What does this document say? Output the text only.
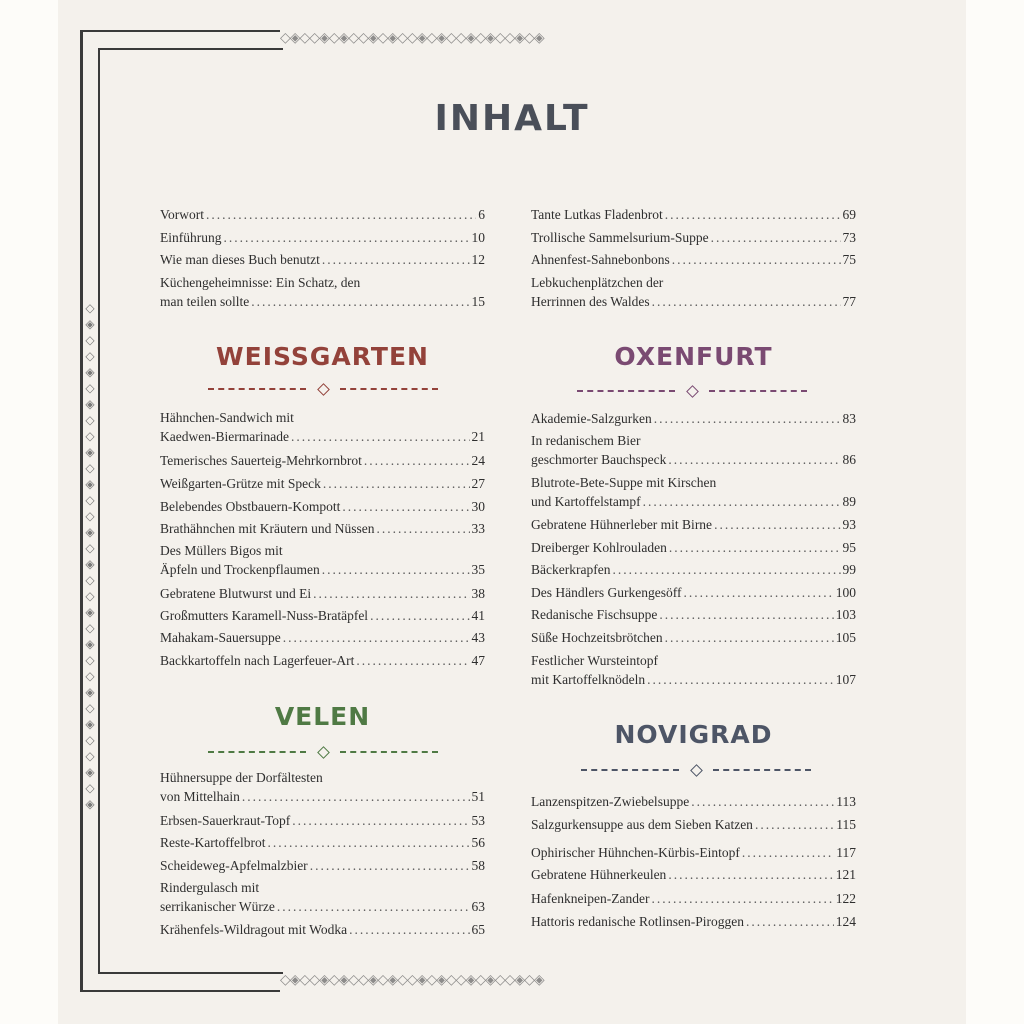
◇◈◇◇◈◇◈◇◇◈◇◈◇◇◈◇◈◇◇◈◇◈◇◇◈◇◈
◇◈◇◇◈◇◈◇◇◈◇◈◇◇◈◇◈◇◇◈◇◈◇◇◈◇◈
◇
◈
◇
◇
◈
◇
◈
◇
◇
◈
◇
◈
◇
◇
◈
◇
◈
◇
◇
◈
◇
◈
◇
◇
◈
◇
◈
◇
◇
◈
◇
◈
INHALT
Vorwort .....	6
Einführung .....	10
Wie man dieses Buch benutzt .....	12
Küchengeheimnisse: Ein Schatz, den
man teilen sollte .....	15
WEISSGARTEN
Hähnchen-Sandwich mit
Kaedwen-Biermarinade .....	21
Temerisches Sauerteig-Mehrkornbrot .....	24
Weißgarten-Grütze mit Speck .....	27
Belebendes Obstbauern-Kompott .....	30
Brathähnchen mit Kräutern und Nüssen .....	33
Des Müllers Bigos mit
Äpfeln und Trockenpflaumen .....	35
Gebratene Blutwurst und Ei .....	38
Großmutters Karamell-Nuss-Bratäpfel .....	41
Mahakam-Sauersuppe .....	43
Backkartoffeln nach Lagerfeuer-Art .....	47
VELEN
Hühnersuppe der Dorfältesten
von Mittelhain .....	51
Erbsen-Sauerkraut-Topf .....	53
Reste-Kartoffelbrot .....	56
Scheideweg-Apfelmalzbier .....	58
Rindergulasch mit
serrikanischer Würze .....	63
Krähenfels-Wildragout mit Wodka .....	65
Tante Lutkas Fladenbrot .....	69
Trollische Sammelsurium-Suppe .....	73
Ahnenfest-Sahnebonbons .....	75
Lebkuchenplätzchen der
Herrinnen des Waldes .....	77
OXENFURT
Akademie-Salzgurken .....	83
In redanischem Bier
geschmorter Bauchspeck .....	86
Blutrote-Bete-Suppe mit Kirschen
und Kartoffelstampf .....	89
Gebratene Hühnerleber mit Birne .....	93
Dreiberger Kohlrouladen .....	95
Bäckerkrapfen .....	99
Des Händlers Gurkengesöff .....	100
Redanische Fischsuppe .....	103
Süße Hochzeitsbrötchen .....	105
Festlicher Wursteintopf
mit Kartoffelknödeln .....	107
NOVIGRAD
Lanzenspitzen-Zwiebelsuppe .....	113
Salzgurkensuppe aus dem Sieben Katzen .....	115
Ophirischer Hühnchen-Kürbis-Eintopf .....	117
Gebratene Hühnerkeulen .....	121
Hafenkneipen-Zander .....	122
Hattoris redanische Rotlinsen-Piroggen .....	124
